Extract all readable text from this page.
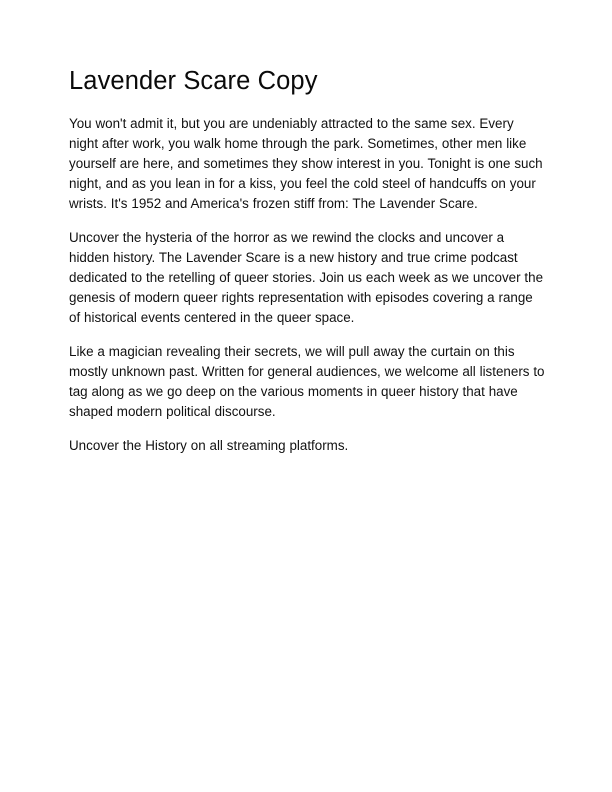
Lavender Scare Copy

You won't admit it, but you are undeniably attracted to the same sex. Every night after work, you walk home through the park. Sometimes, other men like yourself are here, and sometimes they show interest in you. Tonight is one such night, and as you lean in for a kiss, you feel the cold steel of handcuffs on your wrists. It's 1952 and America's frozen stiff from: The Lavender Scare.

Uncover the hysteria of the horror as we rewind the clocks and uncover a hidden history. The Lavender Scare is a new history and true crime podcast dedicated to the retelling of queer stories. Join us each week as we uncover the genesis of modern queer rights representation with episodes covering a range of historical events centered in the queer space.

Like a magician revealing their secrets, we will pull away the curtain on this mostly unknown past. Written for general audiences, we welcome all listeners to tag along as we go deep on the various moments in queer history that have shaped modern political discourse.

Uncover the History on all streaming platforms.
